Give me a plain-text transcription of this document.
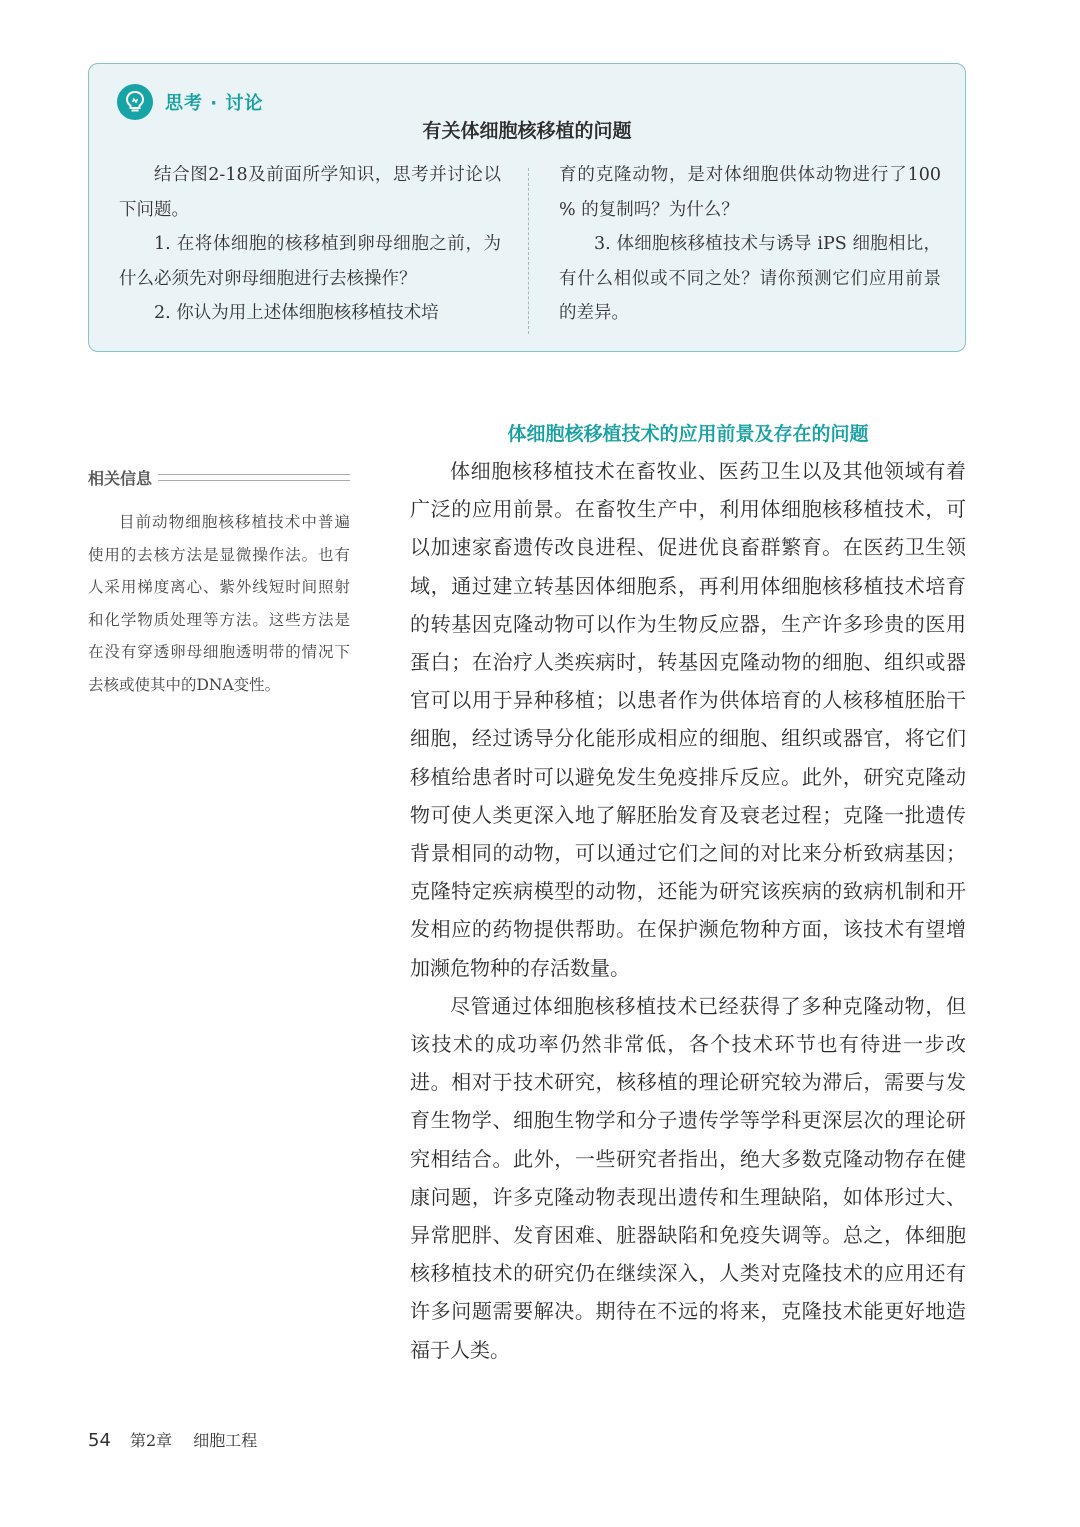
思考 · 讨论
有关体细胞核移植的问题

结合图2-18及前面所学知识，思考并讨论以下问题。

1. 在将体细胞的核移植到卵母细胞之前，为什么必须先对卵母细胞进行去核操作？

2. 你认为用上述体细胞核移植技术培

育的克隆动物，是对体细胞供体动物进行了100 % 的复制吗？为什么？

3. 体细胞核移植技术与诱导 iPS 细胞相比，有什么相似或不同之处？请你预测它们应用前景的差异。

相关信息

目前动物细胞核移植技术中普遍使用的去核方法是显微操作法。也有人采用梯度离心、紫外线短时间照射和化学物质处理等方法。这些方法是在没有穿透卵母细胞透明带的情况下去核或使其中的DNA变性。

体细胞核移植技术的应用前景及存在的问题

体细胞核移植技术在畜牧业、医药卫生以及其他领域有着广泛的应用前景。在畜牧生产中，利用体细胞核移植技术，可以加速家畜遗传改良进程、促进优良畜群繁育。在医药卫生领域，通过建立转基因体细胞系，再利用体细胞核移植技术培育的转基因克隆动物可以作为生物反应器，生产许多珍贵的医用蛋白；在治疗人类疾病时，转基因克隆动物的细胞、组织或器官可以用于异种移植；以患者作为供体培育的人核移植胚胎干细胞，经过诱导分化能形成相应的细胞、组织或器官，将它们移植给患者时可以避免发生免疫排斥反应。此外，研究克隆动物可使人类更深入地了解胚胎发育及衰老过程；克隆一批遗传背景相同的动物，可以通过它们之间的对比来分析致病基因；克隆特定疾病模型的动物，还能为研究该疾病的致病机制和开发相应的药物提供帮助。在保护濒危物种方面，该技术有望增加濒危物种的存活数量。

尽管通过体细胞核移植技术已经获得了多种克隆动物，但该技术的成功率仍然非常低，各个技术环节也有待进一步改进。相对于技术研究，核移植的理论研究较为滞后，需要与发育生物学、细胞生物学和分子遗传学等学科更深层次的理论研究相结合。此外，一些研究者指出，绝大多数克隆动物存在健康问题，许多克隆动物表现出遗传和生理缺陷，如体形过大、异常肥胖、发育困难、脏器缺陷和免疫失调等。总之，体细胞核移植技术的研究仍在继续深入，人类对克隆技术的应用还有许多问题需要解决。期待在不远的将来，克隆技术能更好地造福于人类。

54 第2章 细胞工程
